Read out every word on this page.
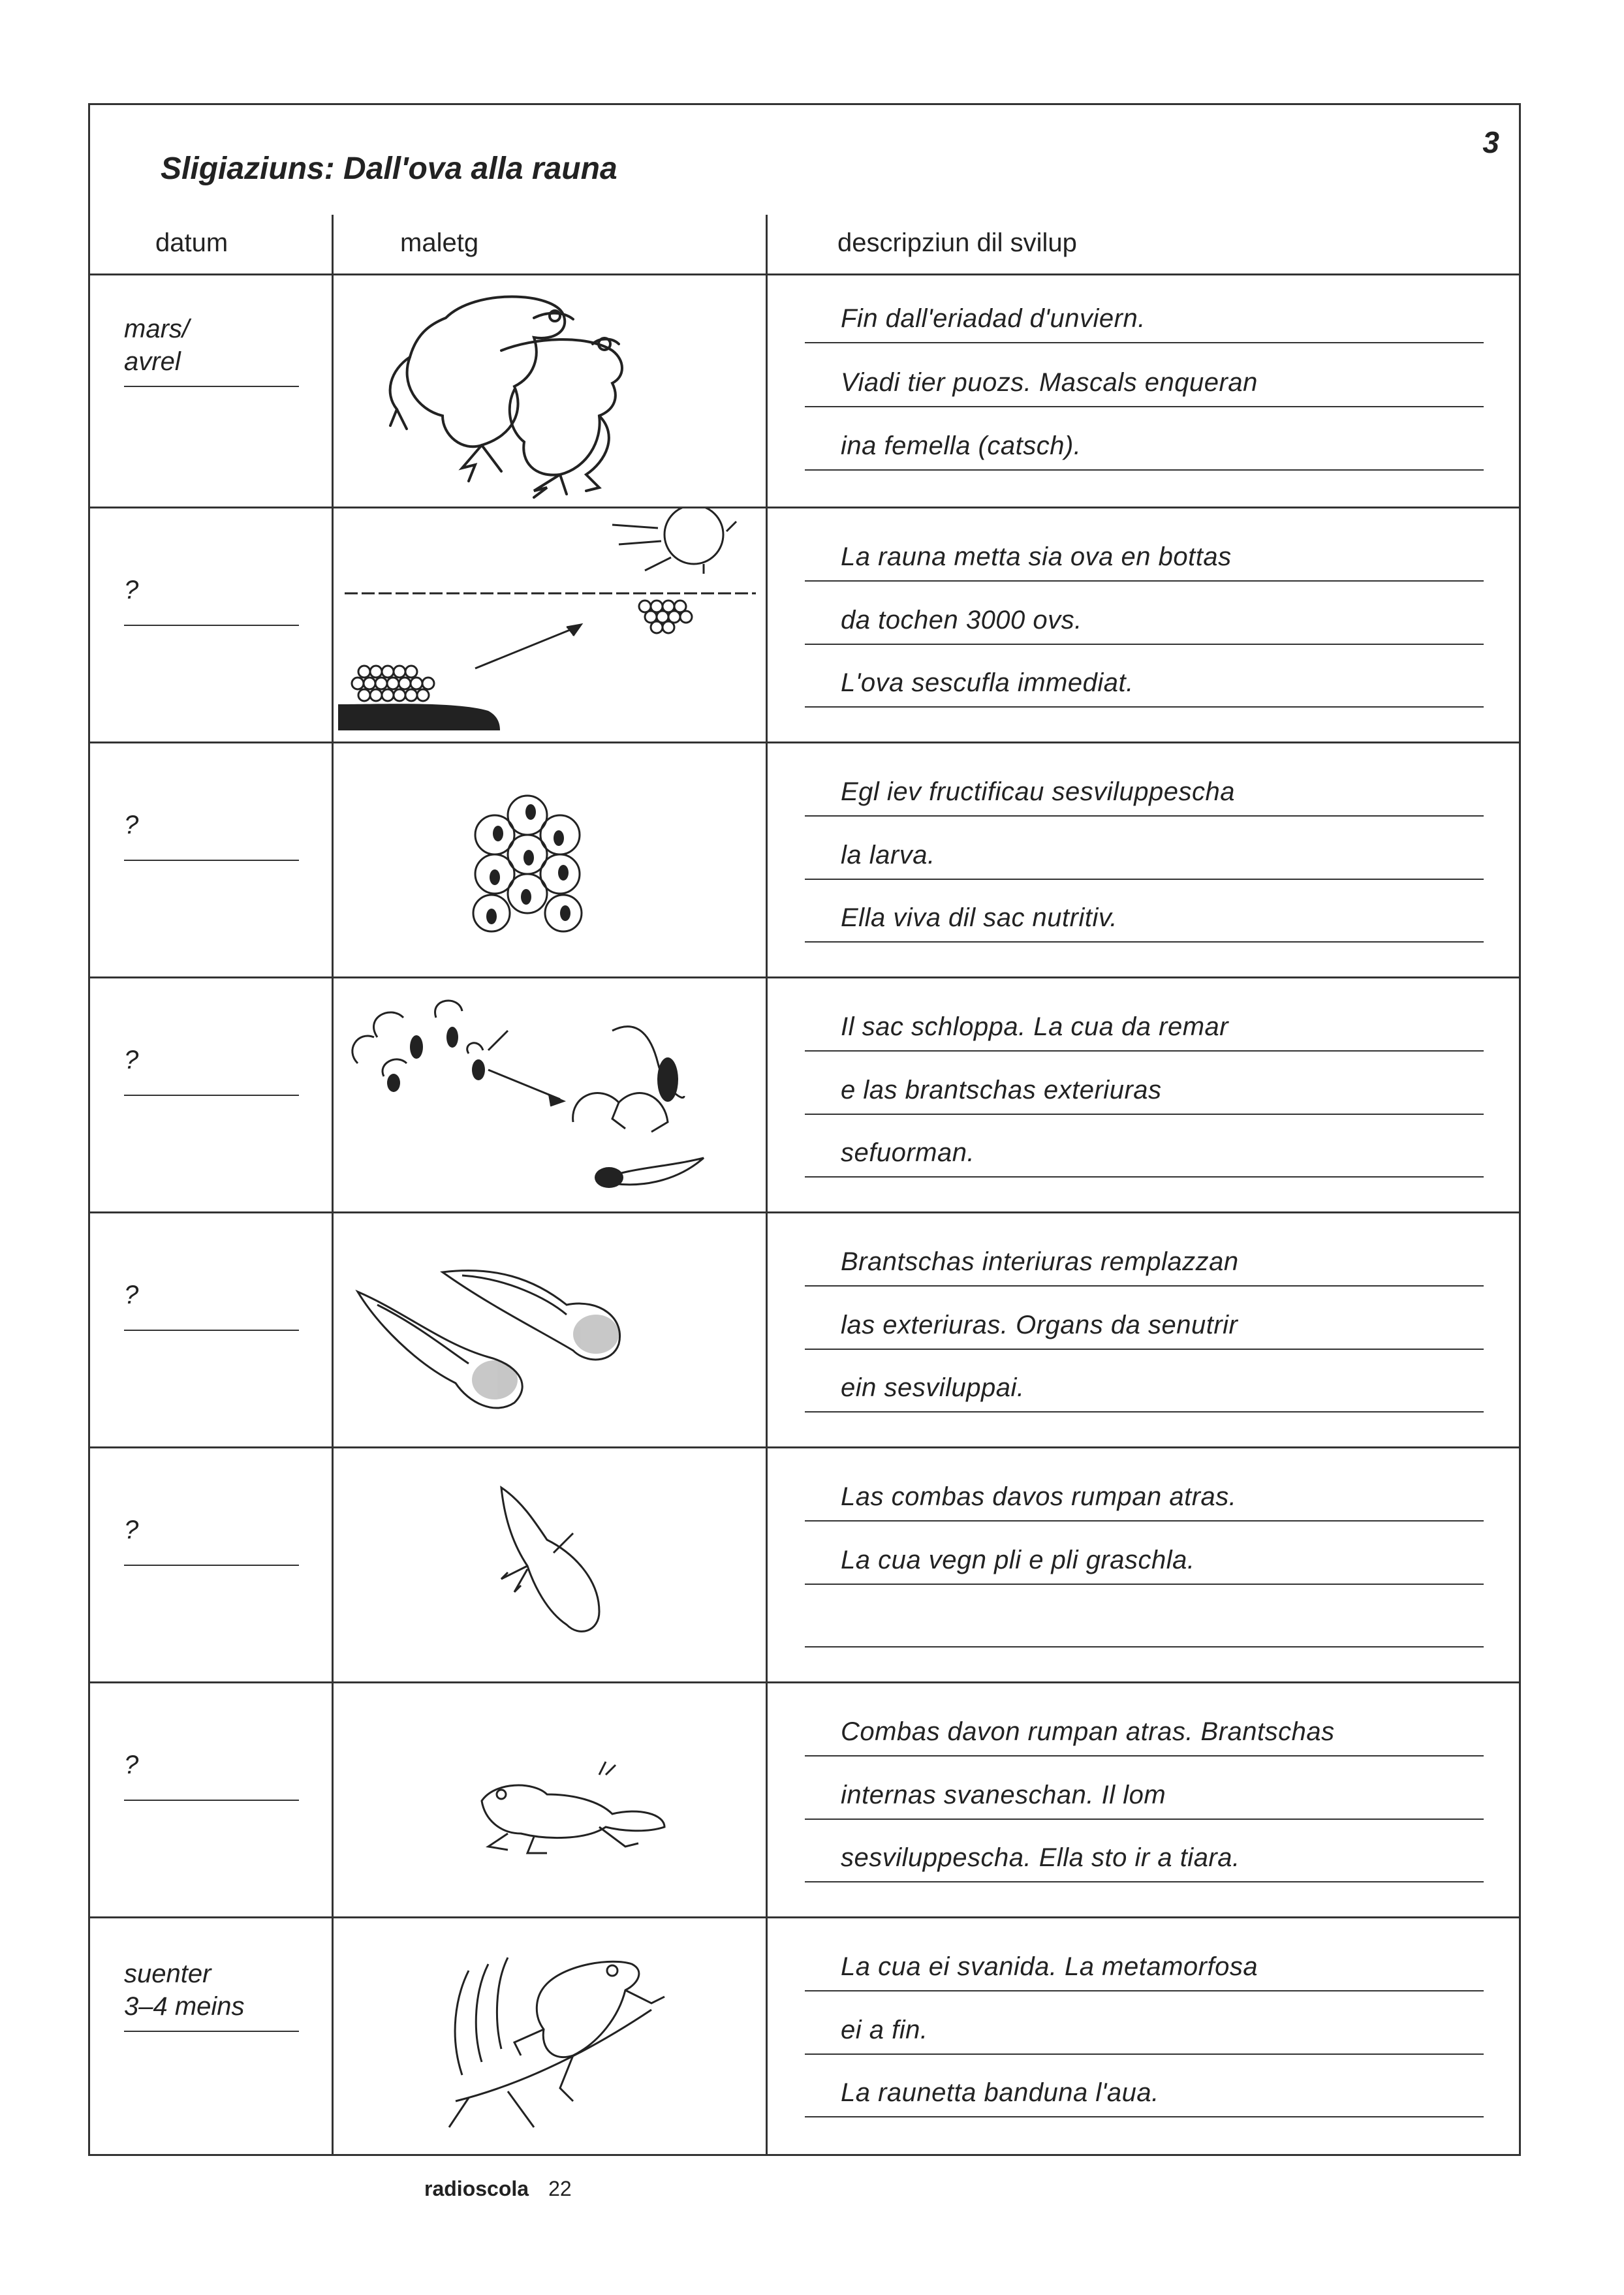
3
Sligiaziuns: Dall'ova alla rauna
datum	maletg	descripziun dil svilup
mars/
avrel
Fin dall'eriadad d'unviern.
Viadi tier puozs. Mascals enqueran
ina femella (catsch).
?
La rauna metta sia ova en bottas
da tochen 3000 ovs.
L'ova sescufla immediat.
?
Egl iev fructificau sesviluppescha
la larva.
Ella viva dil sac nutritiv.
?
Il sac schloppa. La cua da remar
e las brantschas exteriuras
sefuorman.
?
Brantschas interiuras remplazzan
las exteriuras. Organs da senutrir
ein sesviluppai.
?
Las combas davos rumpan atras.
La cua vegn pli e pli graschla.
?
Combas davon rumpan atras. Brantschas
internas svaneschan. Il lom
sesviluppescha. Ella sto ir a tiara.
suenter
3–4 meins
La cua ei svanida. La metamorfosa
ei a fin.
La raunetta banduna l'aua.
radioscola 22
